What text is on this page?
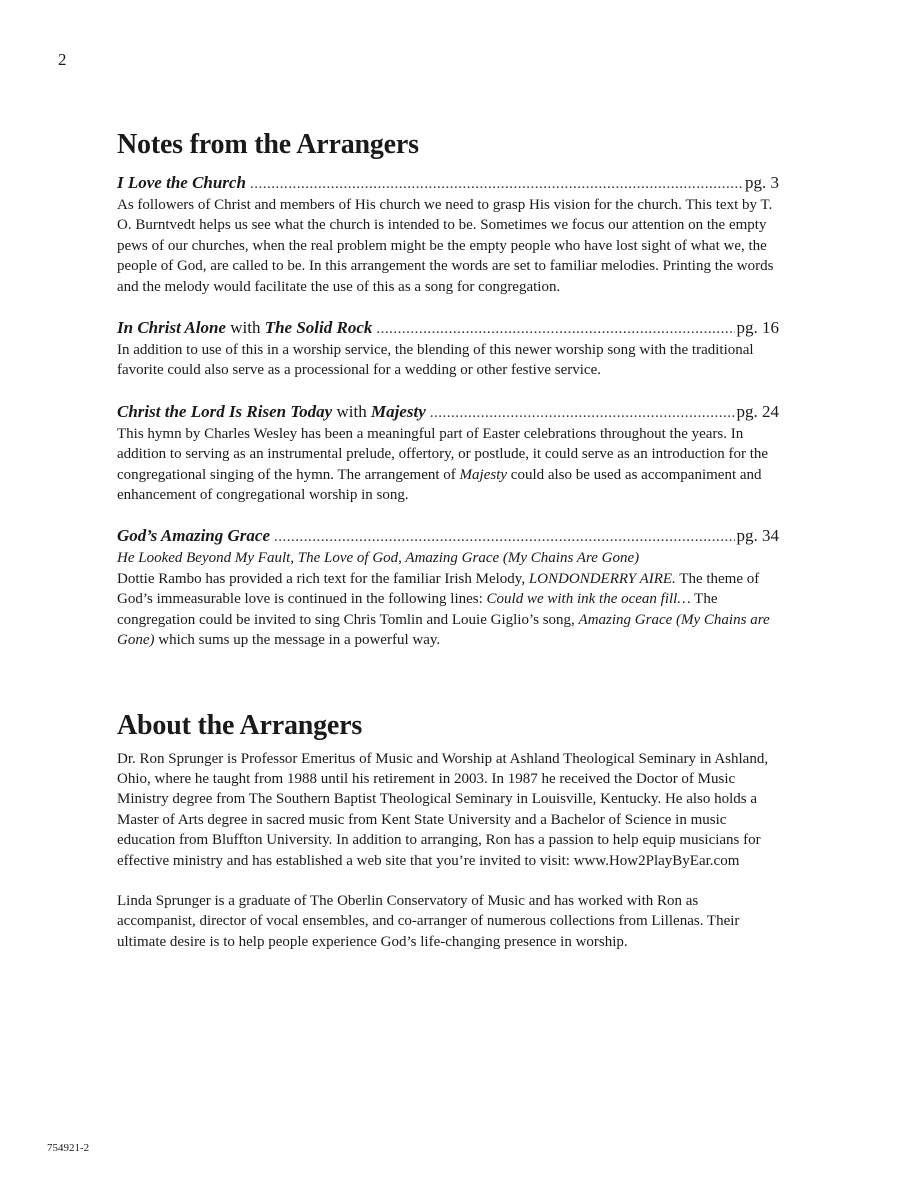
2
Notes from the Arrangers
I Love the Church .....	pg. 3

As followers of Christ and members of His church we need to grasp His vision for the church. This text by T. O. Burntvedt helps us see what the church is intended to be. Sometimes we focus our attention on the empty pews of our churches, when the real problem might be the empty people who have lost sight of what we, the people of God, are called to be. In this arrangement the words are set to familiar melodies. Printing the words and the melody would facilitate the use of this as a song for congregation.

In Christ Alone
with
The Solid Rock .....	pg. 16

In addition to use of this in a worship service, the blending of this newer worship song with the traditional favorite could also serve as a processional for a wedding or other festive service.

Christ the Lord Is Risen Today
with
Majesty .....	pg. 24

This hymn by Charles Wesley has been a meaningful part of Easter celebrations throughout the years. In addition to serving as an instrumental prelude, offertory, or postlude, it could serve as an introduction for the congregational singing of the hymn. The arrangement of Majesty could also be used as accompaniment and enhancement of congregational worship in song.

God’s Amazing Grace .....	pg. 34

He Looked Beyond My Fault, The Love of God, Amazing Grace (My Chains Are Gone)

Dottie Rambo has provided a rich text for the familiar Irish Melody, LONDONDERRY AIRE. The theme of God’s immeasurable love is continued in the following lines: Could we with ink the ocean fill… The congregation could be invited to sing Chris Tomlin and Louie Giglio’s song, Amazing Grace (My Chains are Gone) which sums up the message in a powerful way.

About the Arrangers

Dr. Ron Sprunger is Professor Emeritus of Music and Worship at Ashland Theological Seminary in Ashland, Ohio, where he taught from 1988 until his retirement in 2003. In 1987 he received the Doctor of Music Ministry degree from The Southern Baptist Theological Seminary in Louisville, Kentucky. He also holds a Master of Arts degree in sacred music from Kent State University and a Bachelor of Science in music education from Bluffton University. In addition to arranging, Ron has a passion to help equip musicians for effective ministry and has established a web site that you’re invited to visit: www.How2PlayByEar.com

Linda Sprunger is a graduate of The Oberlin Conservatory of Music and has worked with Ron as accompanist, director of vocal ensembles, and co-arranger of numerous collections from Lillenas. Their ultimate desire is to help people experience God’s life-changing presence in worship.

754921-2
